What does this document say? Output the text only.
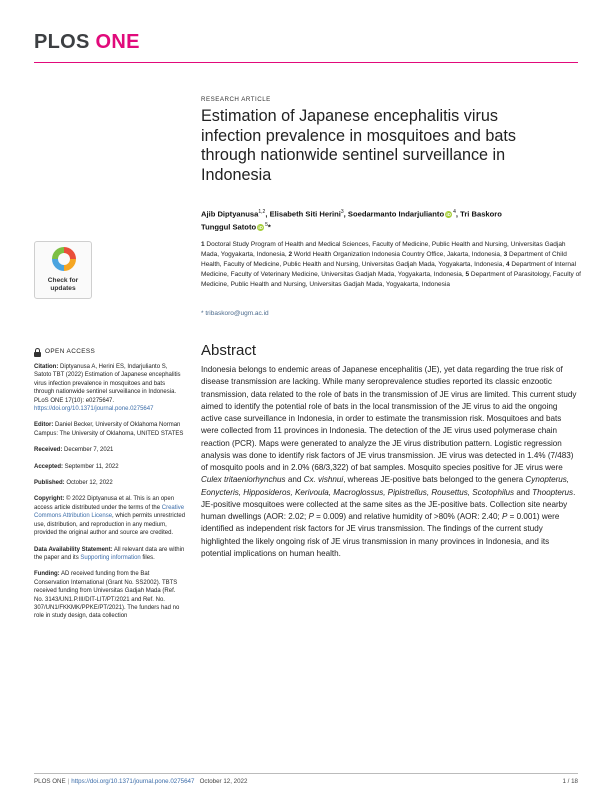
PLOS ONE
RESEARCH ARTICLE
Estimation of Japanese encephalitis virus infection prevalence in mosquitoes and bats through nationwide sentinel surveillance in Indonesia
Ajib Diptyanusa$^{1,2}$, Elisabeth Siti Herini$^3$, Soedarmanto Indarjulianto iD $^4$, Tri Baskoro
Tunggul Satoto iD $^5$*
1 Doctoral Study Program of Health and Medical Sciences, Faculty of Medicine, Public Health and Nursing, Universitas Gadjah Mada, Yogyakarta, Indonesia, 2 World Health Organization Indonesia Country Office, Jakarta, Indonesia, 3 Department of Child Health, Faculty of Medicine, Public Health and Nursing, Universitas Gadjah Mada, Yogyakarta, Indonesia, 4 Department of Internal Medicine, Faculty of Veterinary Medicine, Universitas Gadjah Mada, Yogyakarta, Indonesia, 5 Department of Parasitology, Faculty of Medicine, Public Health and Nursing, Universitas Gadjah Mada, Yogyakarta, Indonesia
* tribaskoro@ugm.ac.id
Abstract

Indonesia belongs to endemic areas of Japanese encephalitis (JE), yet data regarding the true risk of disease transmission are lacking. While many seroprevalence studies reported its classic enzootic transmission, data related to the role of bats in the transmission of JE virus are limited. This current study aimed to identify the potential role of bats in the local transmission of the JE virus to aid the ongoing active case surveillance in Indonesia, in order to estimate the transmission risk. Mosquitoes and bats were collected from 11 provinces in Indonesia. The detection of the JE virus used polymerase chain reaction (PCR). Maps were generated to analyze the JE virus distribution pattern. Logistic regression analysis was done to identify risk factors of JE virus transmission. JE virus was detected in 1.4% (7/483) of mosquito pools and in 2.0% (68/3,322) of bat samples. Mosquito species positive for JE virus were Culex tritaeniorhynchus and Cx. vishnui, whereas JE-positive bats belonged to the genera Cynopterus, Eonycteris, Hipposideros, Kerivoula, Macroglossus, Pipistrellus, Rousettus, Scotophilus and Thoopterus. JE-positive mosquitoes were collected at the same sites as the JE-positive bats. Collection site nearby human dwellings (AOR: 2.02; P = 0.009) and relative humidity of >80% (AOR: 2.40; P = 0.001) were identified as independent risk factors for JE virus transmission. The findings of the current study highlighted the likely ongoing risk of JE virus transmission in many provinces in Indonesia, and its potential implications on human health.

Check for
updates
OPEN ACCESS
Citation: Diptyanusa A, Herini ES, Indarjulianto S, Satoto TBT (2022) Estimation of Japanese encephalitis virus infection prevalence in mosquitoes and bats through nationwide sentinel surveillance in Indonesia. PLoS ONE 17(10): e0275647. https://doi.org/10.1371/journal.pone.0275647
Editor: Daniel Becker, University of Oklahoma Norman Campus: The University of Oklahoma, UNITED STATES
Received: December 7, 2021
Accepted: September 11, 2022
Published: October 12, 2022
Copyright: © 2022 Diptyanusa et al. This is an open access article distributed under the terms of the Creative Commons Attribution License, which permits unrestricted use, distribution, and reproduction in any medium, provided the original author and source are credited.
Data Availability Statement: All relevant data are within the paper and its Supporting information files.
Funding: AD received funding from the Bat Conservation International (Grant No. SS2002). TBTS received funding from Universitas Gadjah Mada (Ref. No. 3143/UN1.P.III/DIT-LIT/PT/2021 and Ref. No. 307/UN1/FKKMK/PPKE/PT/2021). The funders had no role in study design, data collection
PLOS ONE | https://doi.org/10.1371/journal.pone.0275647 October 12, 2022	1 / 18
